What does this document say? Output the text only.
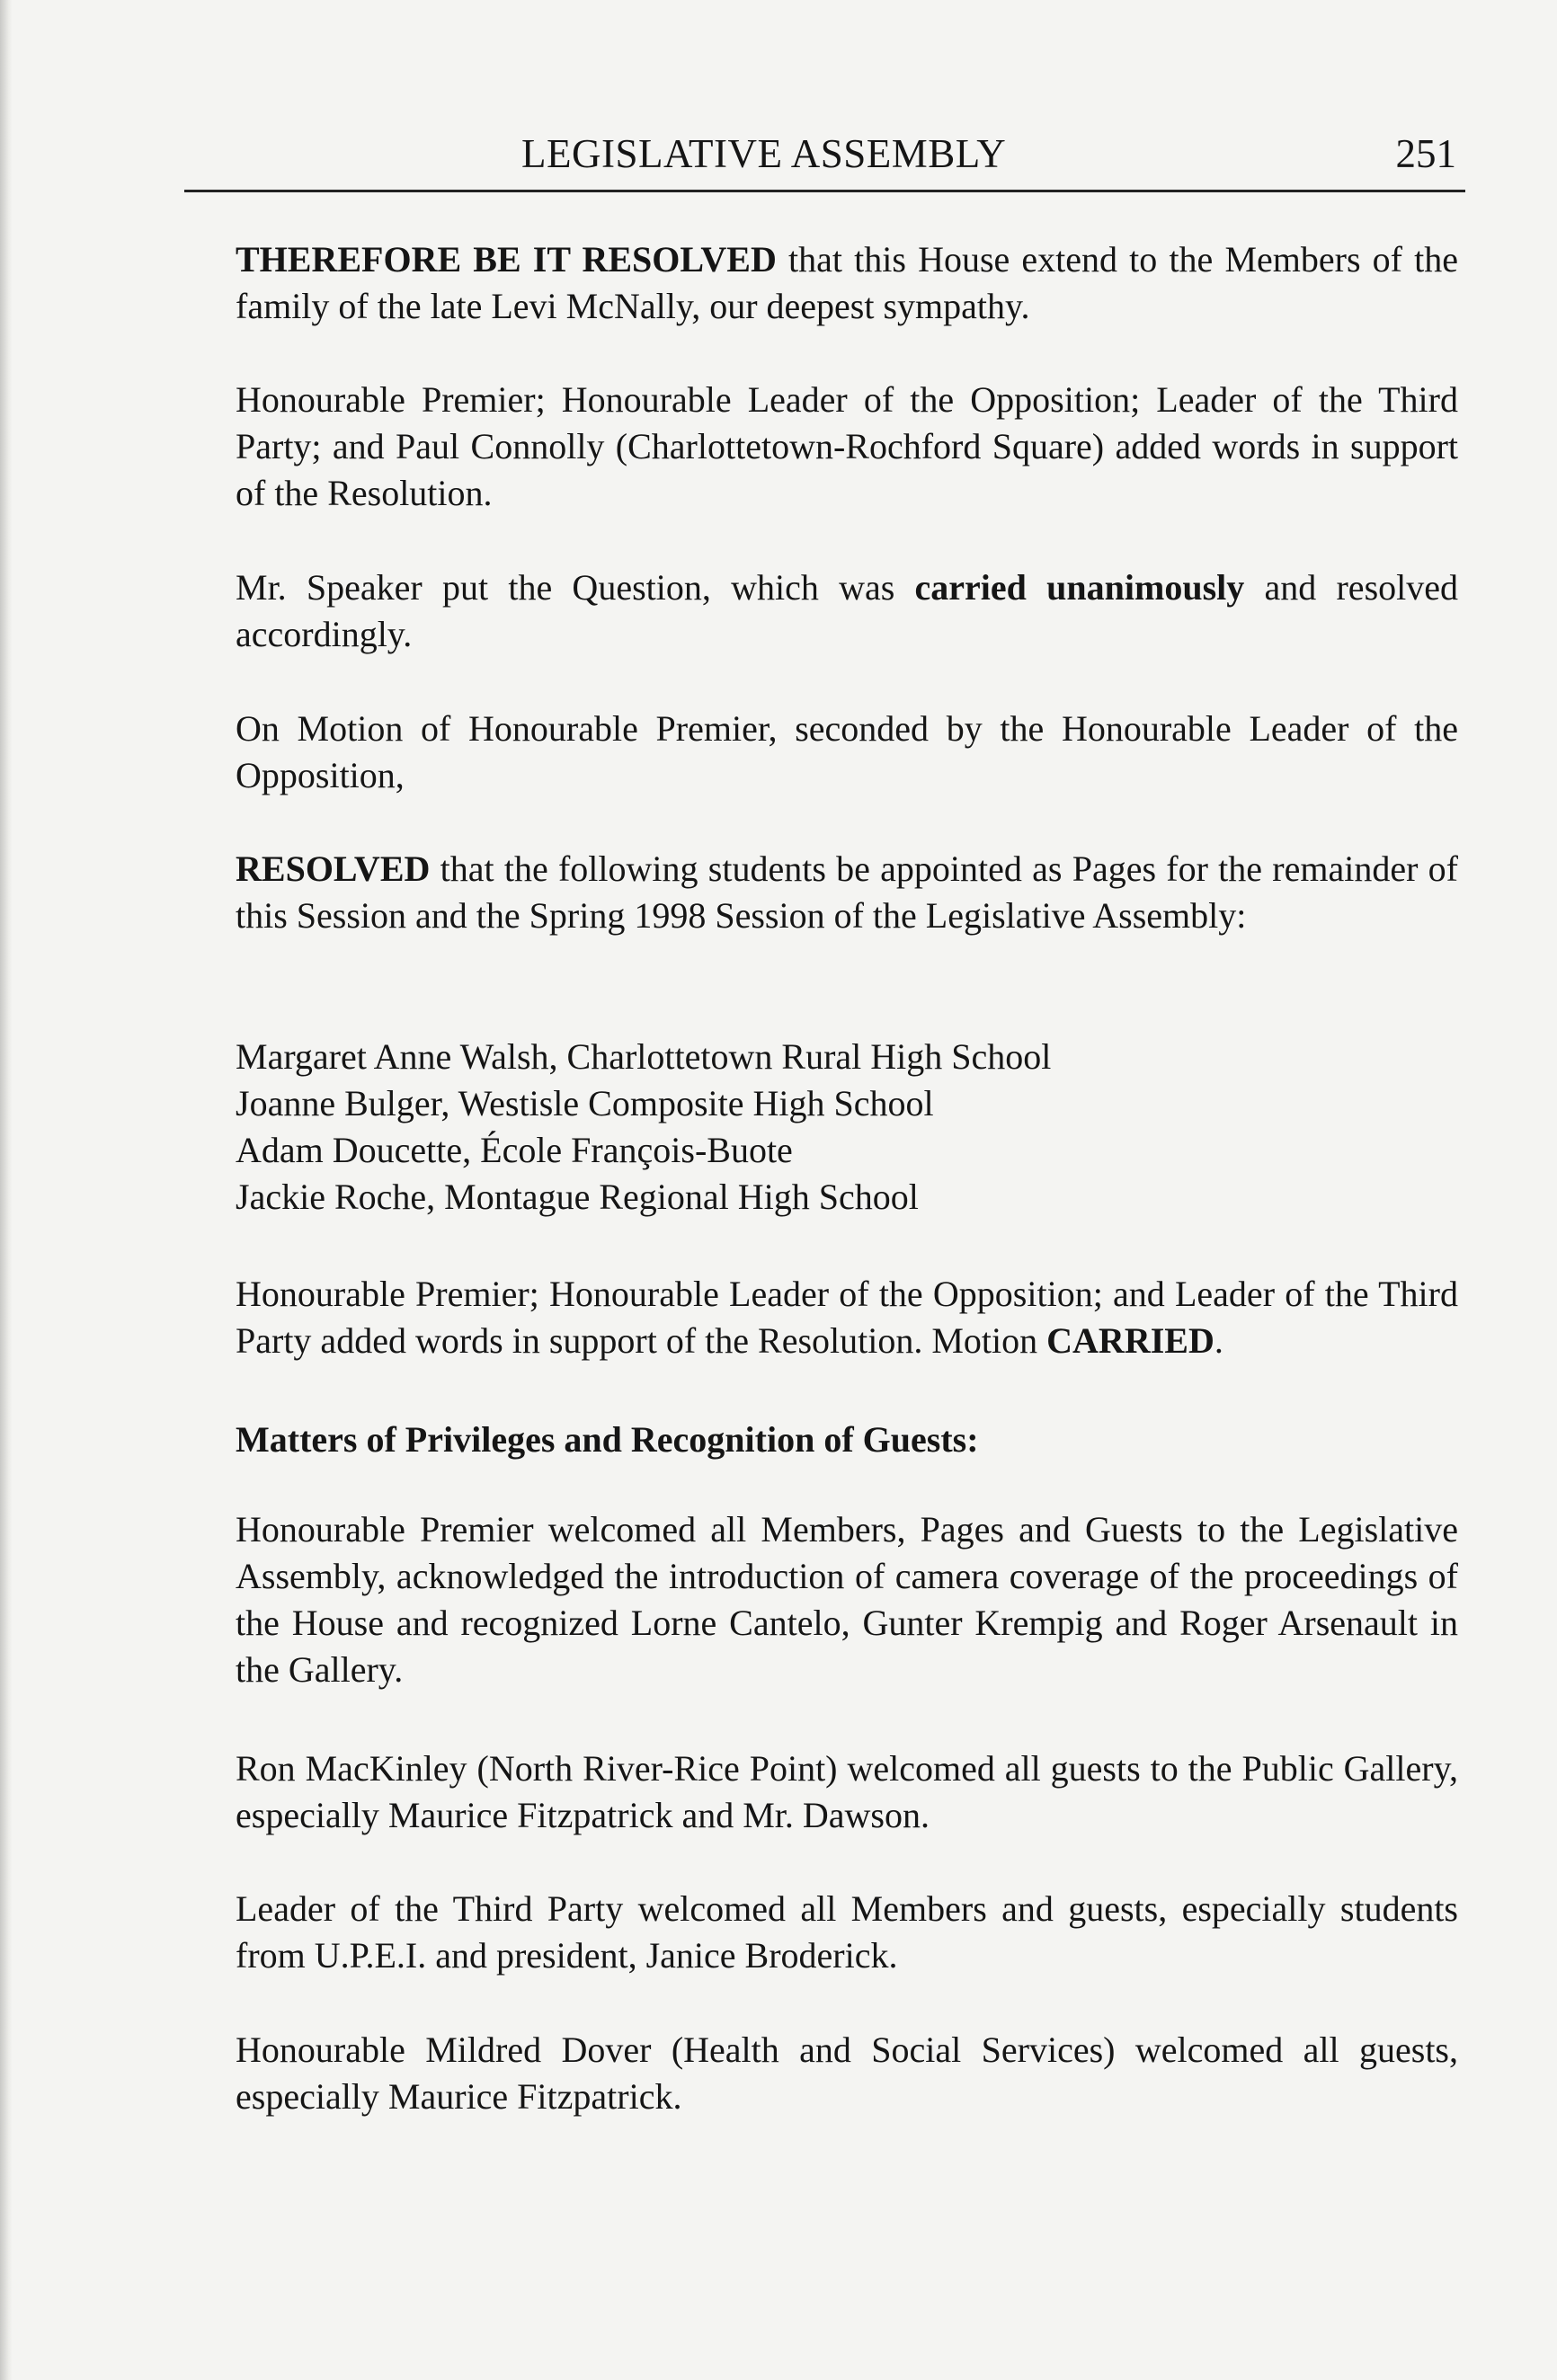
LEGISLATIVE ASSEMBLY	251

THEREFORE BE IT RESOLVED that this House extend to the Members of the family of the late Levi McNally, our deepest sympathy.

Honourable Premier; Honourable Leader of the Opposition; Leader of the Third Party; and Paul Connolly (Charlottetown-Rochford Square) added words in support of the Resolution.

Mr. Speaker put the Question, which was carried unanimously and resolved accordingly.

On Motion of Honourable Premier, seconded by the Honourable Leader of the Opposition,

RESOLVED that the following students be appointed as Pages for the remainder of this Session and the Spring 1998 Session of the Legislative Assembly:

Margaret Anne Walsh, Charlottetown Rural High School
Joanne Bulger, Westisle Composite High School
Adam Doucette, École François-Buote
Jackie Roche, Montague Regional High School

Honourable Premier; Honourable Leader of the Opposition; and Leader of the Third Party added words in support of the Resolution. Motion CARRIED.

Matters of Privileges and Recognition of Guests:

Honourable Premier welcomed all Members, Pages and Guests to the Legislative Assembly, acknowledged the introduction of camera coverage of the proceedings of the House and recognized Lorne Cantelo, Gunter Krempig and Roger Arsenault in the Gallery.

Ron MacKinley (North River-Rice Point) welcomed all guests to the Public Gallery, especially Maurice Fitzpatrick and Mr. Dawson.

Leader of the Third Party welcomed all Members and guests, especially students from U.P.E.I. and president, Janice Broderick.

Honourable Mildred Dover (Health and Social Services) welcomed all guests, especially Maurice Fitzpatrick.
